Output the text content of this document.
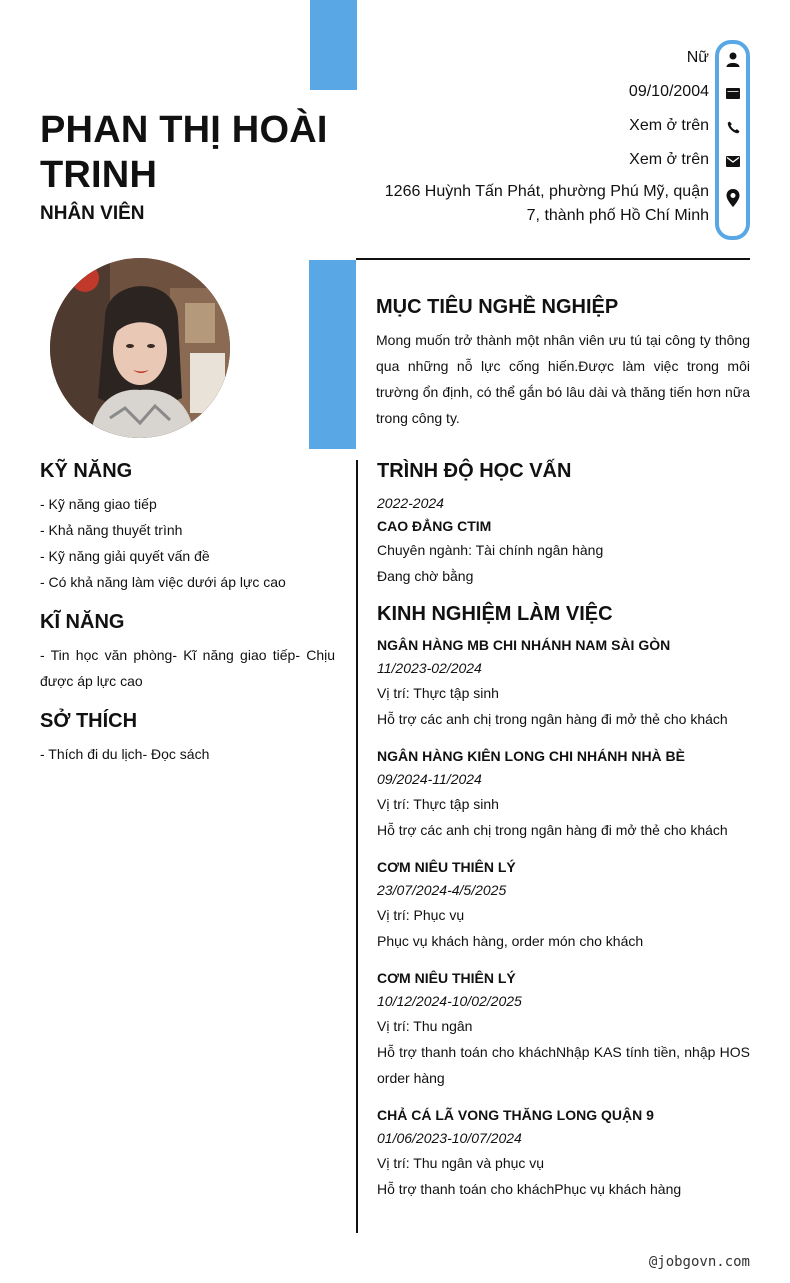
PHAN THỊ HOÀI TRINH
NHÂN VIÊN
Nữ
09/10/2004
Xem ở trên
Xem ở trên
1266 Huỳnh Tấn Phát, phường Phú Mỹ, quận 7, thành phố Hồ Chí Minh
MỤC TIÊU NGHỀ NGHIỆP

Mong muốn trở thành một nhân viên ưu tú tại công ty thông qua những nỗ lực cống hiến.Được làm việc trong môi trường ổn định, có thể gắn bó lâu dài và thăng tiến hơn nữa trong công ty.

KỸ NĂNG
- Kỹ năng giao tiếp
- Khả năng thuyết trình
- Kỹ năng giải quyết vấn đề
- Có khả năng làm việc dưới áp lực cao
KĨ NĂNG

- Tin học văn phòng- Kĩ năng giao tiếp- Chịu được áp lực cao

SỞ THÍCH

- Thích đi du lịch- Đọc sách

TRÌNH ĐỘ HỌC VẤN
2022-2024
CAO ĐẲNG CTIM
Chuyên ngành: Tài chính ngân hàng
Đang chờ bằng
KINH NGHIỆM LÀM VIỆC
NGÂN HÀNG MB CHI NHÁNH NAM SÀI GÒN
11/2023-02/2024
Vị trí: Thực tập sinh
Hỗ trợ các anh chị trong ngân hàng đi mở thẻ cho khách
NGÂN HÀNG KIÊN LONG CHI NHÁNH NHÀ BÈ
09/2024-11/2024
Vị trí: Thực tập sinh
Hỗ trợ các anh chị trong ngân hàng đi mở thẻ cho khách
CƠM NIÊU THIÊN LÝ
23/07/2024-4/5/2025
Vị trí: Phục vụ
Phục vụ khách hàng, order món cho khách
CƠM NIÊU THIÊN LÝ
10/12/2024-10/02/2025
Vị trí: Thu ngân
Hỗ trợ thanh toán cho kháchNhập KAS tính tiền, nhập HOS order hàng
CHẢ CÁ LÃ VONG THĂNG LONG QUẬN 9
01/06/2023-10/07/2024
Vị trí: Thu ngân và phục vụ
Hỗ trợ thanh toán cho kháchPhục vụ khách hàng
@jobgovn.com
